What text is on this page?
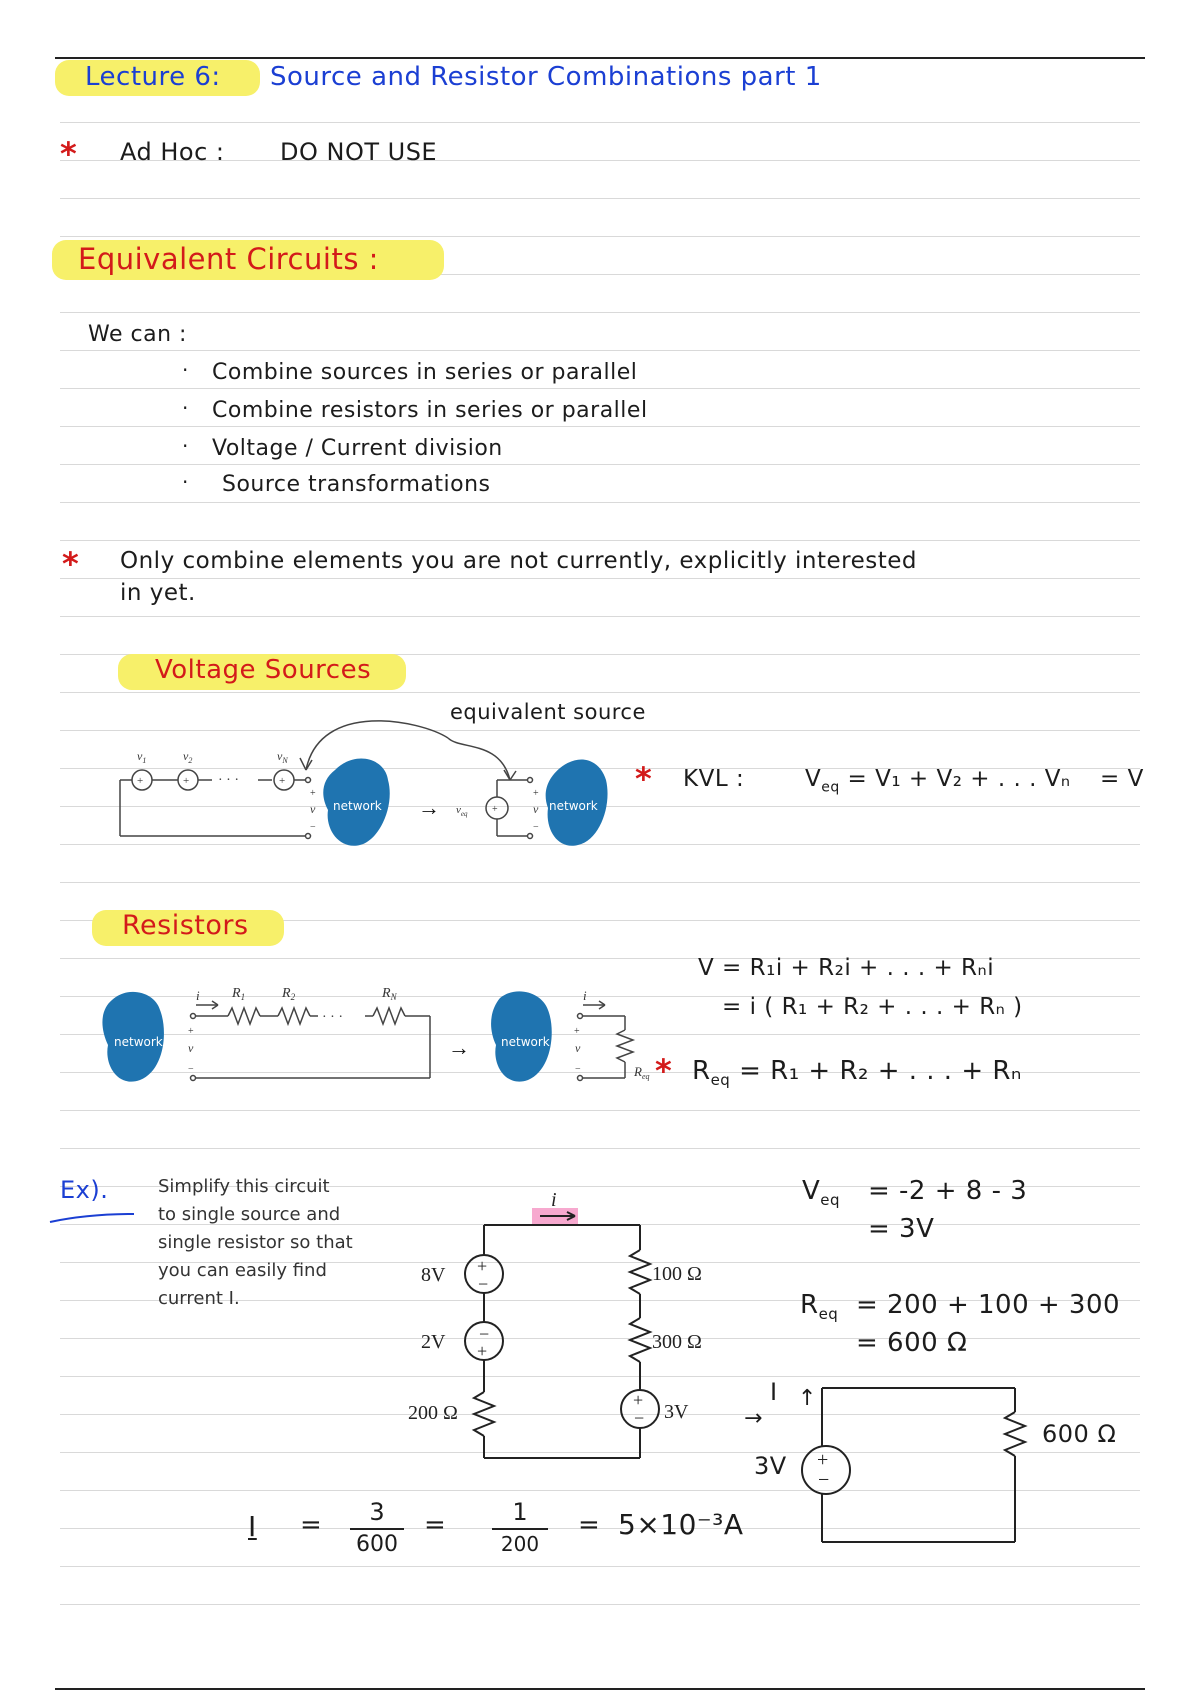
Lecture 6: Source and Resistor Combinations part 1
* Ad Hoc : DO NOT USE
Equivalent Circuits :
We can :
· Combine sources in series or parallel
· Combine resistors in series or parallel
· Voltage / Current division
· Source transformations
* Only combine elements you are not currently, explicitly interested
in yet.
Voltage Sources
equivalent source
$v_1$	$v_2$	$v_N$
+	+	+
· · ·
+
v
−
network → $v_{eq}$ +
+
v
−
network
* KVL :	$V_{eq} = V_1 + V_2$ + . . . Vₙ = V
Resistors
V = R₁i + R₂i + . . . + Rₙi
= i ( R₁ + R₂ + . . . + Rₙ )
* $R_{eq} = R_1 + R_2$ + . . . + Rₙ
network
i $R_1$	$R_2$	$R_N$
· · ·
+
v
−
→	network
i
+
v
−	$R_{eq}$
Ex).	Simplify this circuit
to single source and
single resistor so that
you can easily find
current I.
i
8V +
−
2V −
+
200 Ω
100 Ω
300 Ω
+
− 3V
$V_{eq} = -2 + 8 - 3$
= 3V
$R_{eq} = 200 + 100 + 300$
= 600 Ω
+
−
I ↑
→
3V
600 Ω
I =	3
600
=	1
200
= 5×10⁻³A
